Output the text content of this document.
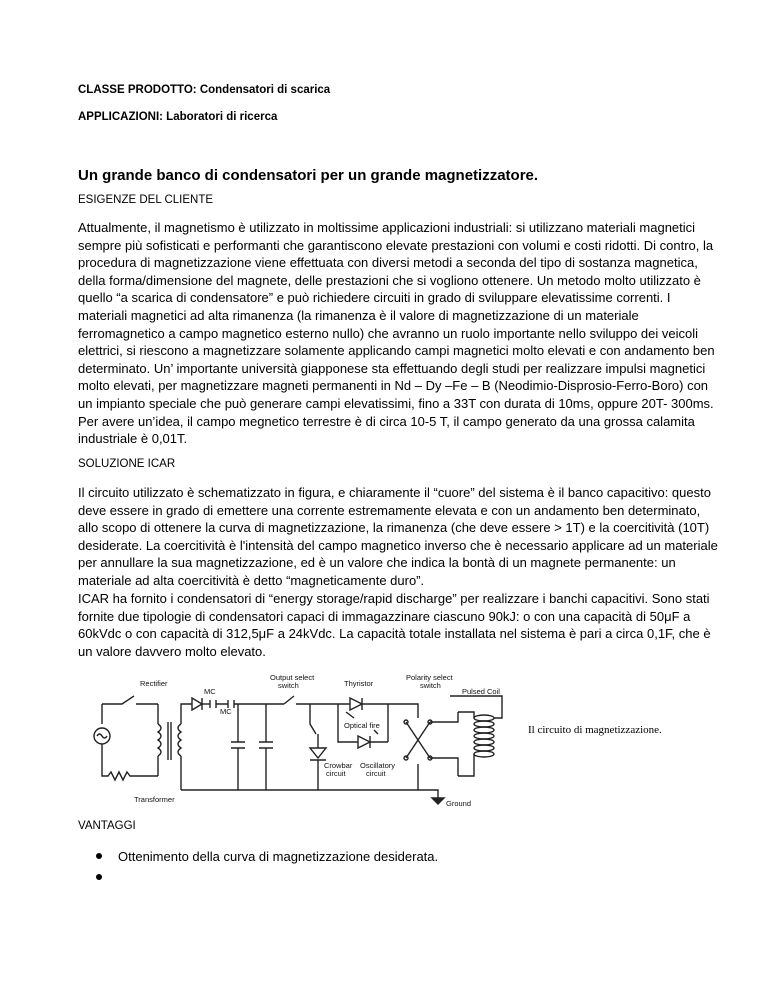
CLASSE PRODOTTO: Condensatori di scarica
APPLICAZIONI: Laboratori di ricerca
Un grande banco di condensatori per un grande magnetizzatore.
ESIGENZE DEL CLIENTE

Attualmente, il magnetismo è utilizzato in moltissime applicazioni industriali: si utilizzano materiali magnetici sempre più sofisticati e performanti che garantiscono elevate prestazioni con volumi e costi ridotti. Di contro, la procedura di magnetizzazione viene effettuata con diversi metodi a seconda del tipo di sostanza magnetica, della forma/dimensione del magnete, delle prestazioni che si vogliono ottenere. Un metodo molto utilizzato è quello “a scarica di condensatore” e può richiedere circuiti in grado di sviluppare elevatissime correnti. I materiali magnetici ad alta rimanenza (la rimanenza è il valore di magnetizzazione di un materiale ferromagnetico a campo magnetico esterno nullo) che avranno un ruolo importante nello sviluppo dei veicoli elettrici, si riescono a magnetizzare solamente applicando campi magnetici molto elevati e con andamento ben determinato. Un’ importante università giapponese sta effettuando degli studi per realizzare impulsi magnetici molto elevati, per magnetizzare magneti permanenti in Nd – Dy –Fe – B (Neodimio-Disprosio-Ferro-Boro) con un impianto speciale che può generare campi elevatissimi, fino a 33T con durata di 10ms, oppure 20T- 300ms. Per avere un’idea, il campo megnetico terrestre è di circa 10-5 T, il campo generato da una grossa calamita industriale è 0,01T.

SOLUZIONE ICAR

Il circuito utilizzato è schematizzato in figura, e chiaramente il “cuore” del sistema è il banco capacitivo: questo deve essere in grado di emettere una corrente estremamente elevata e con un andamento ben determinato, allo scopo di ottenere la curva di magnetizzazione, la rimanenza (che deve essere > 1T) e la coercitività (10T) desiderate. La coercitività è l'intensità del campo magnetico inverso che è necessario applicare ad un materiale per annullare la sua magnetizzazione, ed è un valore che indica la bontà di un magnete permanente: un materiale ad alta coercitività è detto “magneticamente duro”.

ICAR ha fornito i condensatori di “energy storage/rapid discharge” per realizzare i banchi capacitivi. Sono stati fornite due tipologie di condensatori capaci di immagazzinare ciascuno 90kJ: o con una capacità di 50μF a 60kVdc o con capacità di 312,5μF a 24kVdc. La capacità totale installata nel sistema è pari a circa 0,1F, che è un valore davvero molto elevato.

Rectifier
MC
MC
Output select
switch	Thyristor
Polarity select
switch
Pulsed Coil
Optical fire
Crowbar
circuit
Oscillatory
circuit
Transformer	Ground
Il circuito di magnetizzazione.
VANTAGGI
Ottenimento della curva di magnetizzazione desiderata.
